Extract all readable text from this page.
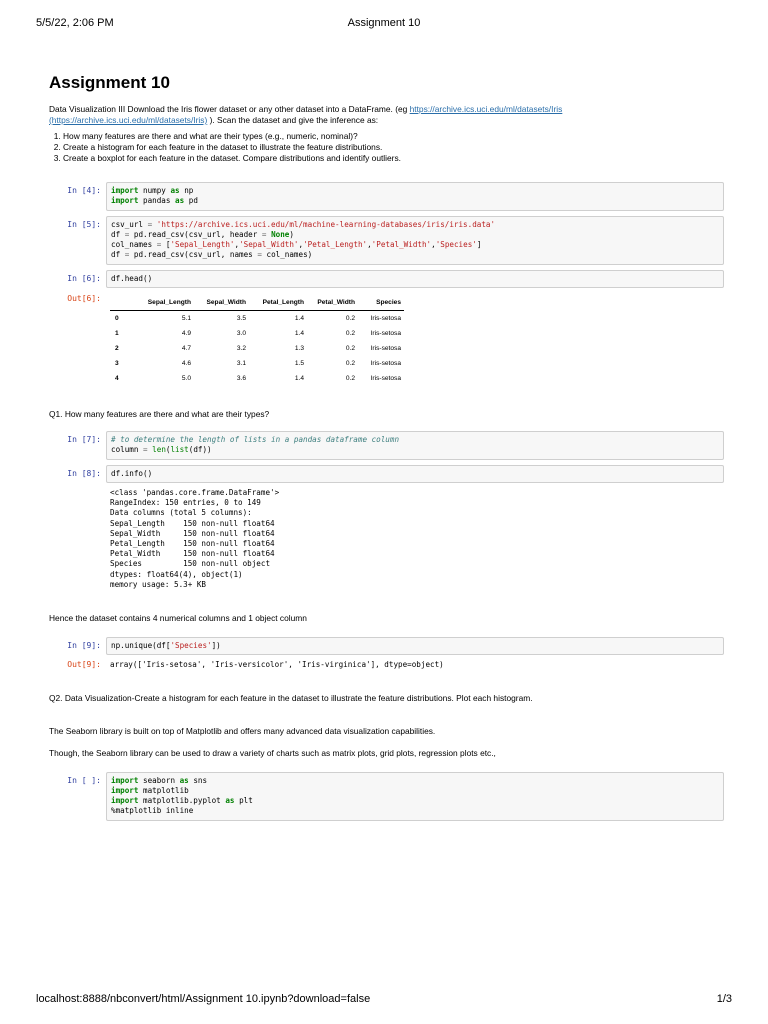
5/5/22, 2:06 PM	Assignment 10
Assignment 10

Data Visualization III Download the Iris flower dataset or any other dataset into a DataFrame. (eg https://archive.ics.uci.edu/ml/datasets/Iris
(https://archive.ics.uci.edu/ml/datasets/Iris) ). Scan the dataset and give the inference as:

1. How many features are there and what are their types (e.g., numeric, nominal)?
2. Create a histogram for each feature in the dataset to illustrate the feature distributions.
3. Create a boxplot for each feature in the dataset. Compare distributions and identify outliers.
In [4]:	import numpy as np
import pandas as pd
In [5]:	csv_url = 'https://archive.ics.uci.edu/ml/machine-learning-databases/iris/iris.data'
df = pd.read_csv(csv_url, header = None)
col_names = ['Sepal_Length','Sepal_Width','Petal_Length','Petal_Width','Species']
df = pd.read_csv(csv_url, names = col_names)
In [6]:	df.head()
Out[6]:
		Sepal_Length	Sepal_Width	Petal_Length	Petal_Width	Species
0	5.1	3.5	1.4	0.2	Iris-setosa
1	4.9	3.0	1.4	0.2	Iris-setosa
2	4.7	3.2	1.3	0.2	Iris-setosa
3	4.6	3.1	1.5	0.2	Iris-setosa
4	5.0	3.6	1.4	0.2	Iris-setosa
Q1. How many features are there and what are their types?
In [7]:	# to determine the length of lists in a pandas dataframe column
column = len(list(df))
In [8]:	df.info()
<class 'pandas.core.frame.DataFrame'>
RangeIndex: 150 entries, 0 to 149
Data columns (total 5 columns):
Sepal_Length    150 non-null float64
Sepal_Width     150 non-null float64
Petal_Length    150 non-null float64
Petal_Width     150 non-null float64
Species         150 non-null object
dtypes: float64(4), object(1)
memory usage: 5.3+ KB
Hence the dataset contains 4 numerical columns and 1 object column
In [9]:	np.unique(df['Species'])
Out[9]:	array(['Iris-setosa', 'Iris-versicolor', 'Iris-virginica'], dtype=object)
Q2. Data Visualization-Create a histogram for each feature in the dataset to illustrate the feature distributions. Plot each histogram.
The Seaborn library is built on top of Matplotlib and offers many advanced data visualization capabilities.
Though, the Seaborn library can be used to draw a variety of charts such as matrix plots, grid plots, regression plots etc.,
In [ ]:	import seaborn as sns
import matplotlib
import matplotlib.pyplot as plt
%matplotlib inline
localhost:8888/nbconvert/html/Assignment 10.ipynb?download=false	1/3
